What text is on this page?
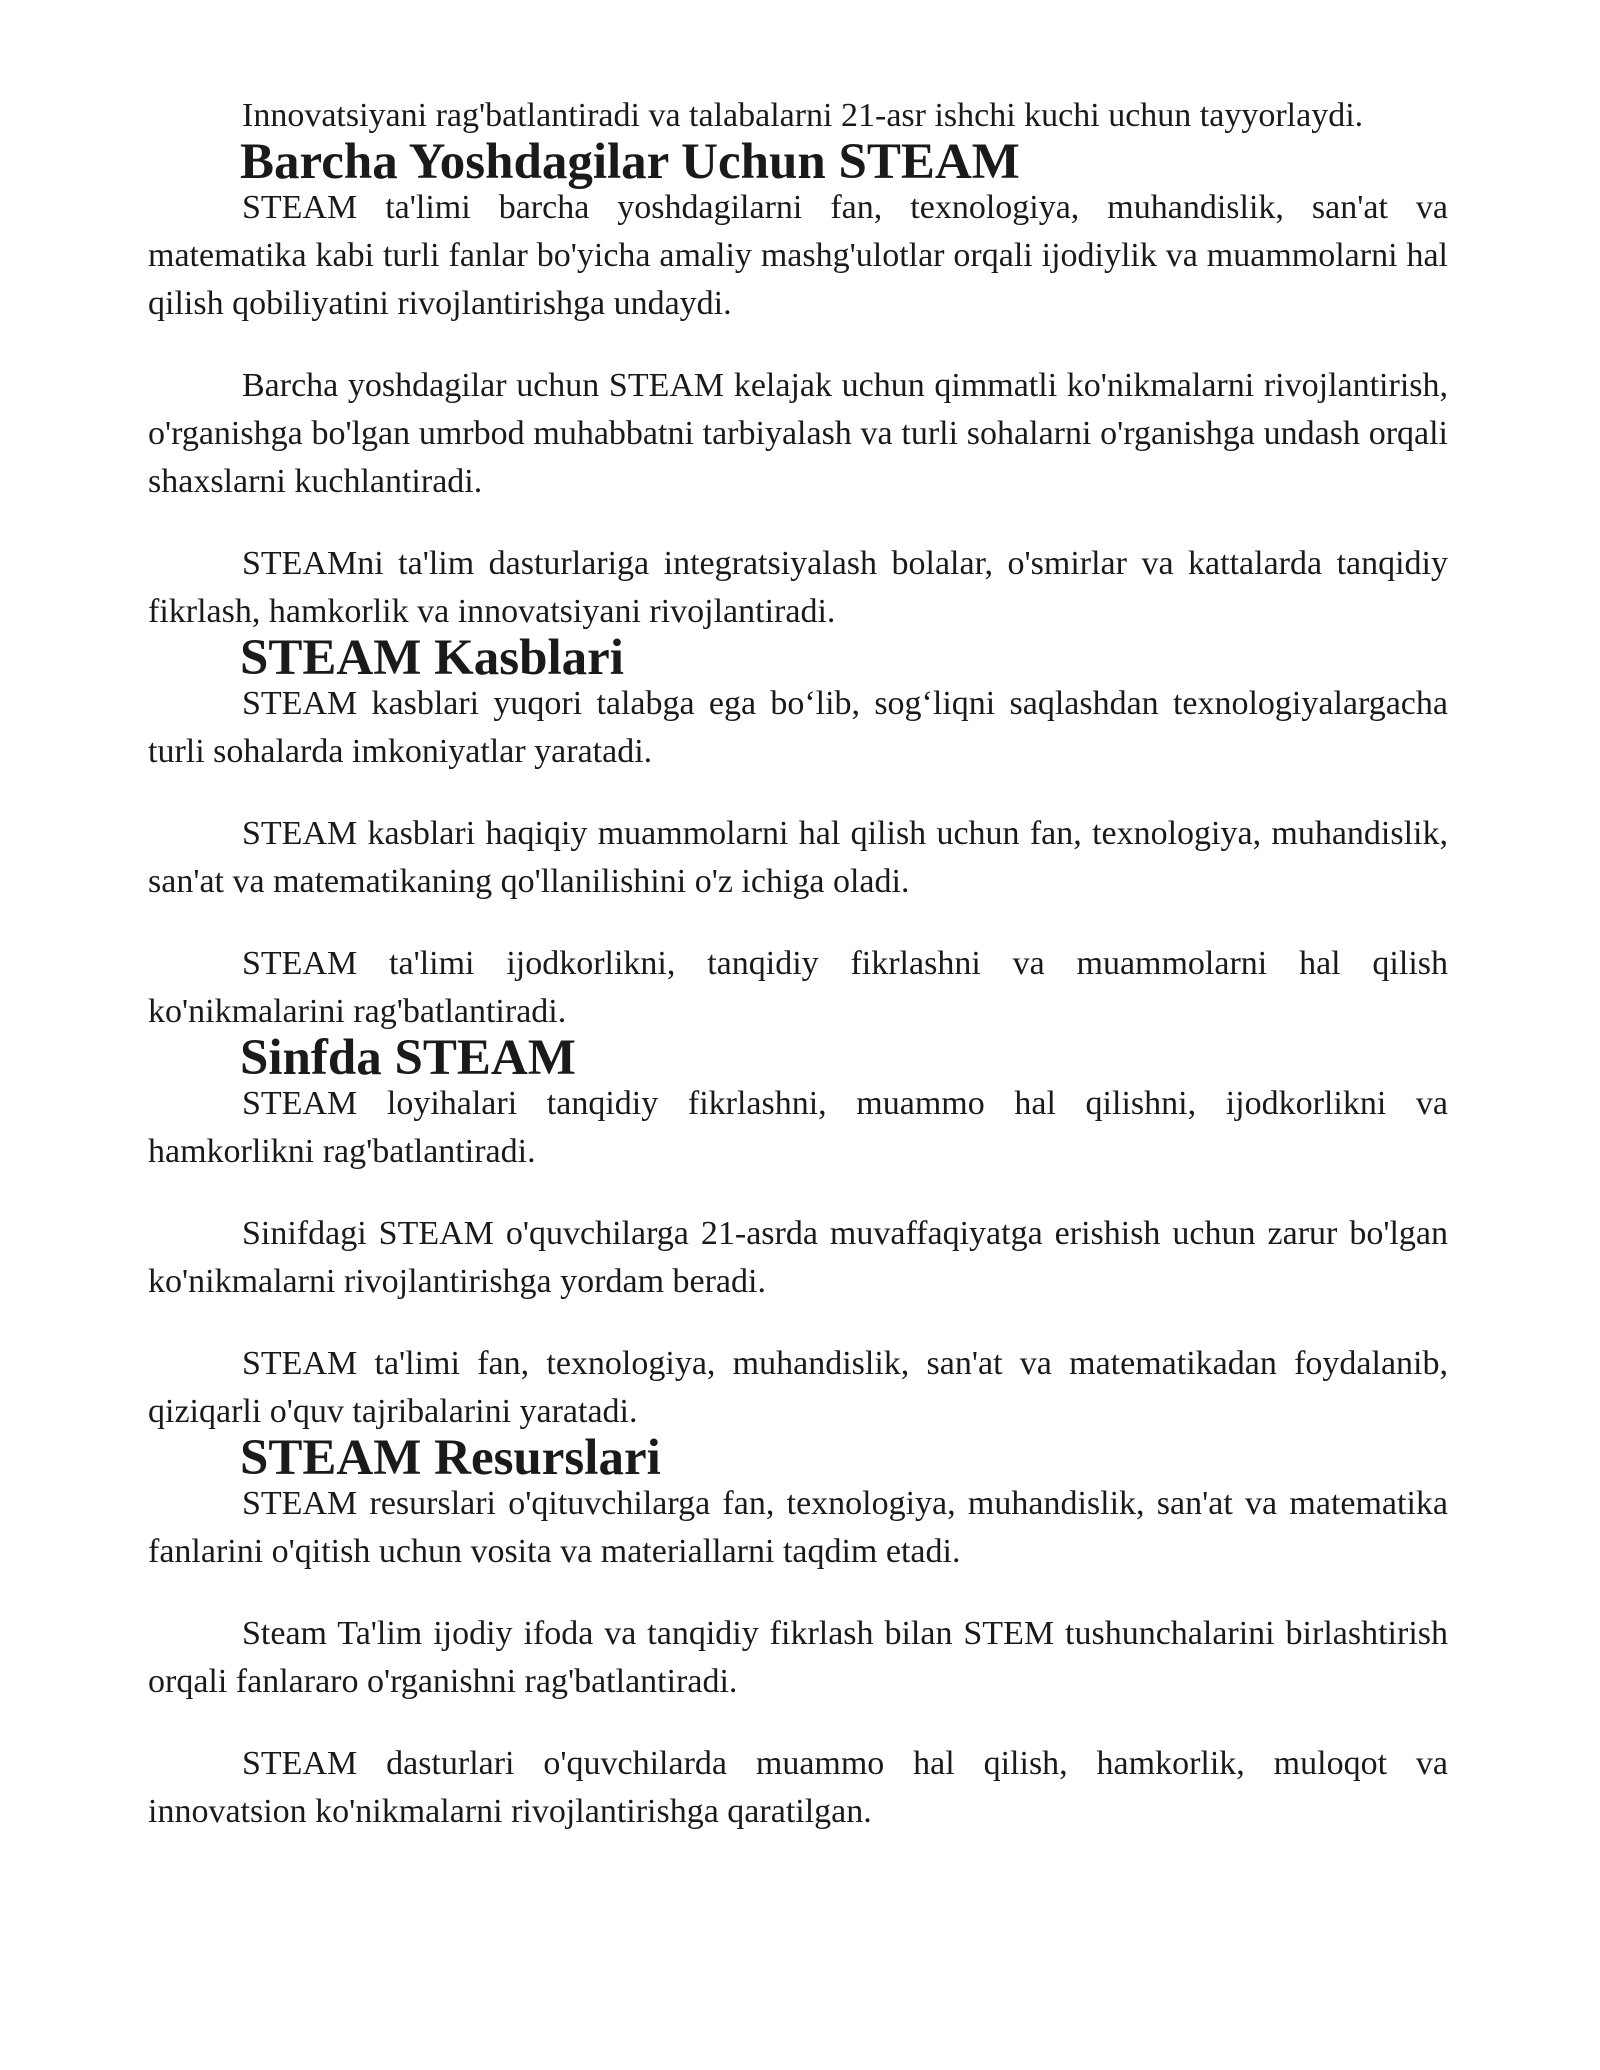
Innovatsiyani rag'batlantiradi va talabalarni 21-asr ishchi kuchi uchun tayyorlaydi.

Barcha Yoshdagilar Uchun STEAM

STEAM ta'limi barcha yoshdagilarni fan, texnologiya, muhandislik, san'at va matematika kabi turli fanlar bo'yicha amaliy mashg'ulotlar orqali ijodiylik va muammolarni hal qilish qobiliyatini rivojlantirishga undaydi.

Barcha yoshdagilar uchun STEAM kelajak uchun qimmatli ko'nikmalarni rivojlantirish, o'rganishga bo'lgan umrbod muhabbatni tarbiyalash va turli sohalarni o'rganishga undash orqali shaxslarni kuchlantiradi.

STEAMni ta'lim dasturlariga integratsiyalash bolalar, o'smirlar va kattalarda tanqidiy fikrlash, hamkorlik va innovatsiyani rivojlantiradi.

STEAM Kasblari

STEAM kasblari yuqori talabga ega bo‘lib, sog‘liqni saqlashdan texnologiyalargacha turli sohalarda imkoniyatlar yaratadi.

STEAM kasblari haqiqiy muammolarni hal qilish uchun fan, texnologiya, muhandislik, san'at va matematikaning qo'llanilishini o'z ichiga oladi.

STEAM ta'limi ijodkorlikni, tanqidiy fikrlashni va muammolarni hal qilish ko'nikmalarini rag'batlantiradi.

Sinfda STEAM

STEAM loyihalari tanqidiy fikrlashni, muammo hal qilishni, ijodkorlikni va hamkorlikni rag'batlantiradi.

Sinifdagi STEAM o'quvchilarga 21-asrda muvaffaqiyatga erishish uchun zarur bo'lgan ko'nikmalarni rivojlantirishga yordam beradi.

STEAM ta'limi fan, texnologiya, muhandislik, san'at va matematikadan foydalanib, qiziqarli o'quv tajribalarini yaratadi.

STEAM Resurslari

STEAM resurslari o'qituvchilarga fan, texnologiya, muhandislik, san'at va matematika fanlarini o'qitish uchun vosita va materiallarni taqdim etadi.

Steam Ta'lim ijodiy ifoda va tanqidiy fikrlash bilan STEM tushunchalarini birlashtirish orqali fanlararo o'rganishni rag'batlantiradi.

STEAM dasturlari o'quvchilarda muammo hal qilish, hamkorlik, muloqot va innovatsion ko'nikmalarni rivojlantirishga qaratilgan.
